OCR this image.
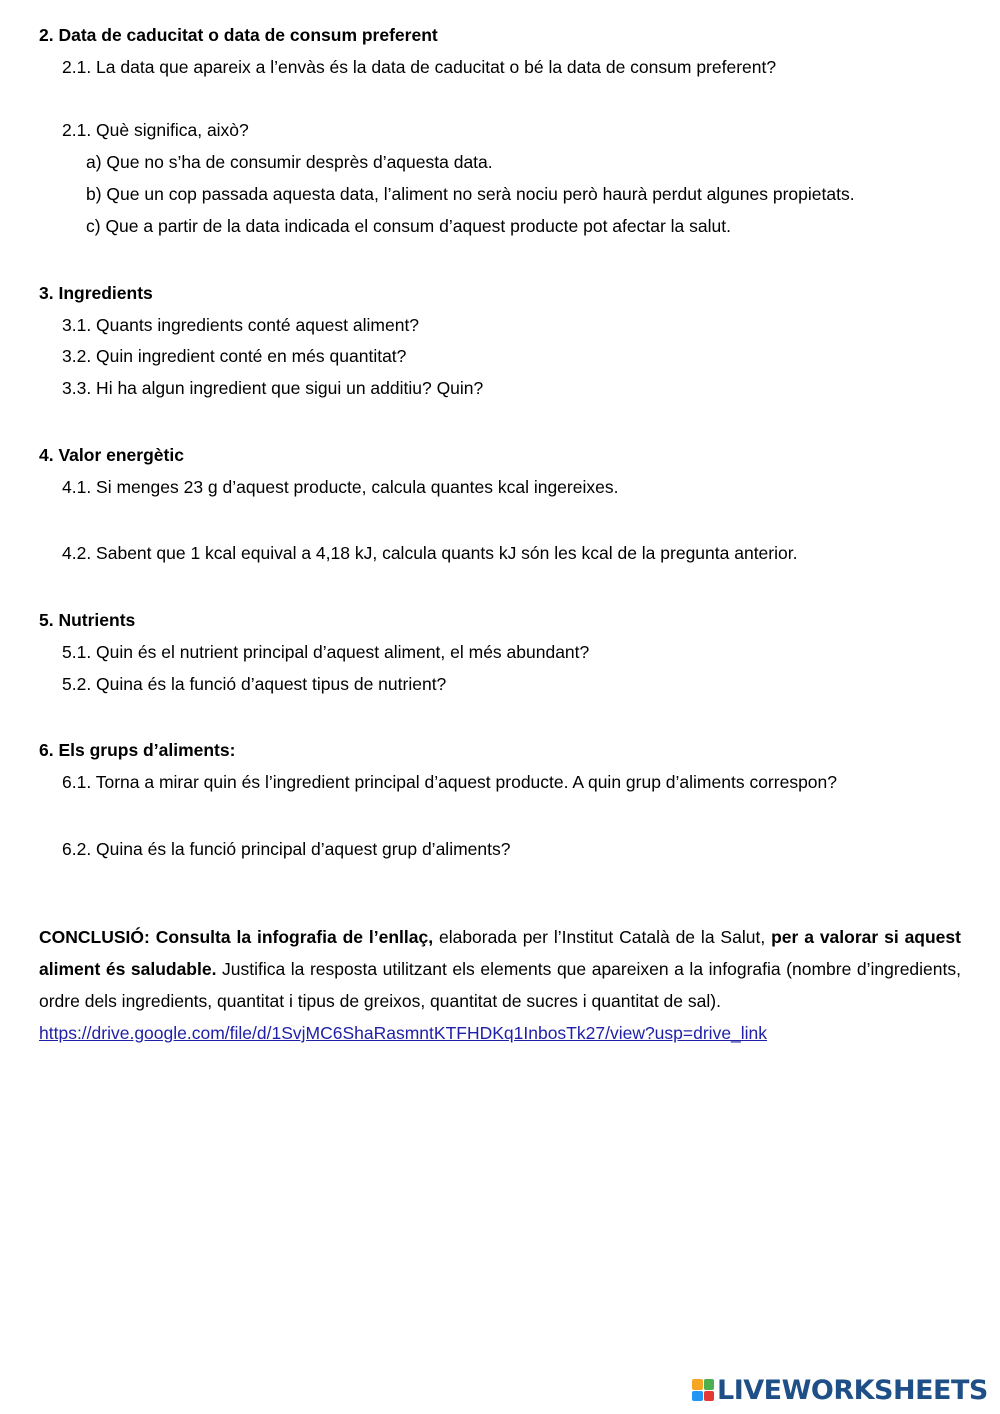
2. Data de caducitat o data de consum preferent
2.1. La data que apareix a l’envàs és la data de caducitat o bé la data de consum preferent?
2.1. Què significa, això?
a) Que no s’ha de consumir desprès d’aquesta data.
b) Que un cop passada aquesta data, l’aliment no serà nociu però haurà perdut algunes propietats.
c) Que a partir de la data indicada el consum d’aquest producte pot afectar la salut.
3. Ingredients
3.1. Quants ingredients conté aquest aliment?
3.2. Quin ingredient conté en més quantitat?
3.3. Hi ha algun ingredient que sigui un additiu? Quin?
4. Valor energètic
4.1. Si menges 23 g d’aquest producte, calcula quantes kcal ingereixes.
4.2. Sabent que 1 kcal equival a 4,18 kJ, calcula quants kJ són les kcal de la pregunta anterior.
5. Nutrients
5.1. Quin és el nutrient principal d’aquest aliment, el més abundant?
5.2. Quina és la funció d’aquest tipus de nutrient?
6. Els grups d’aliments:
6.1. Torna a mirar quin és l’ingredient principal d’aquest producte. A quin grup d’aliments correspon?
6.2. Quina és la funció principal d’aquest grup d’aliments?
CONCLUSIÓ: Consulta la infografia de l’enllaç, elaborada per l’Institut Català de la Salut, per a valorar si aquest aliment és saludable. Justifica la resposta utilitzant els elements que apareixen a la infografia (nombre d’ingredients, ordre dels ingredients, quantitat i tipus de greixos, quantitat de sucres i quantitat de sal).
https://drive.google.com/file/d/1SvjMC6ShaRasmntKTFHDKq1InbosTk27/view?usp=drive_link
LIVEWORKSHEETS
